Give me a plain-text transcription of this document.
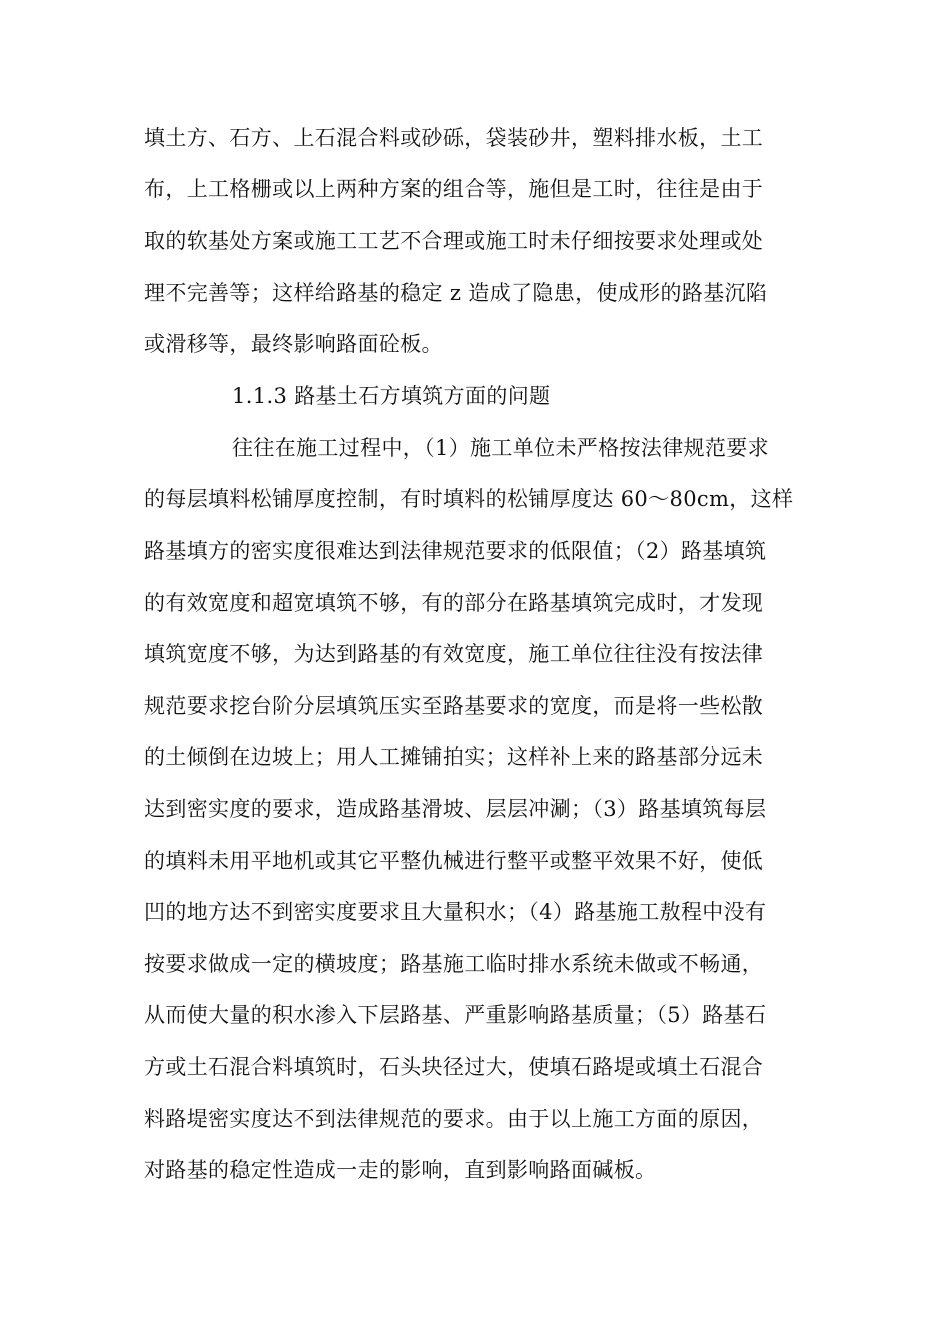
填土方、石方、上石混合料或砂砾，袋装砂井，塑料排水板，土工
布，上工格栅或以上两种方案的组合等，施但是工时，往往是由于
取的软基处方案或施工工艺不合理或施工时未仔细按要求处理或处
理不完善等；这样给路基的稳定 z 造成了隐患，使成形的路基沉陷
或滑移等，最终影响路面砼板。
1.1.3 路基土石方填筑方面的问题
往往在施工过程中，（1）施工单位未严格按法律规范要求
的每层填料松铺厚度控制，有时填料的松铺厚度达 60～80cm，这样
路基填方的密实度很难达到法律规范要求的低限值；（2）路基填筑
的有效宽度和超宽填筑不够，有的部分在路基填筑完成时，才发现
填筑宽度不够，为达到路基的有效宽度，施工单位往往没有按法律
规范要求挖台阶分层填筑压实至路基要求的宽度，而是将一些松散
的土倾倒在边坡上；用人工摊铺拍实；这样补上来的路基部分远未
达到密实度的要求，造成路基滑坡、层层冲涮；（3）路基填筑每层
的填料未用平地机或其它平整仇械进行整平或整平效果不好，使低
凹的地方达不到密实度要求且大量积水；（4）路基施工敖程中没有
按要求做成一定的横坡度；路基施工临时排水系统未做或不畅通，
从而使大量的积水渗入下层路基、严重影响路基质量；（5）路基石
方或土石混合料填筑时，石头块径过大，使填石路堤或填土石混合
料路堤密实度达不到法律规范的要求。由于以上施工方面的原因，
对路基的稳定性造成一走的影响，直到影响路面碱板。
